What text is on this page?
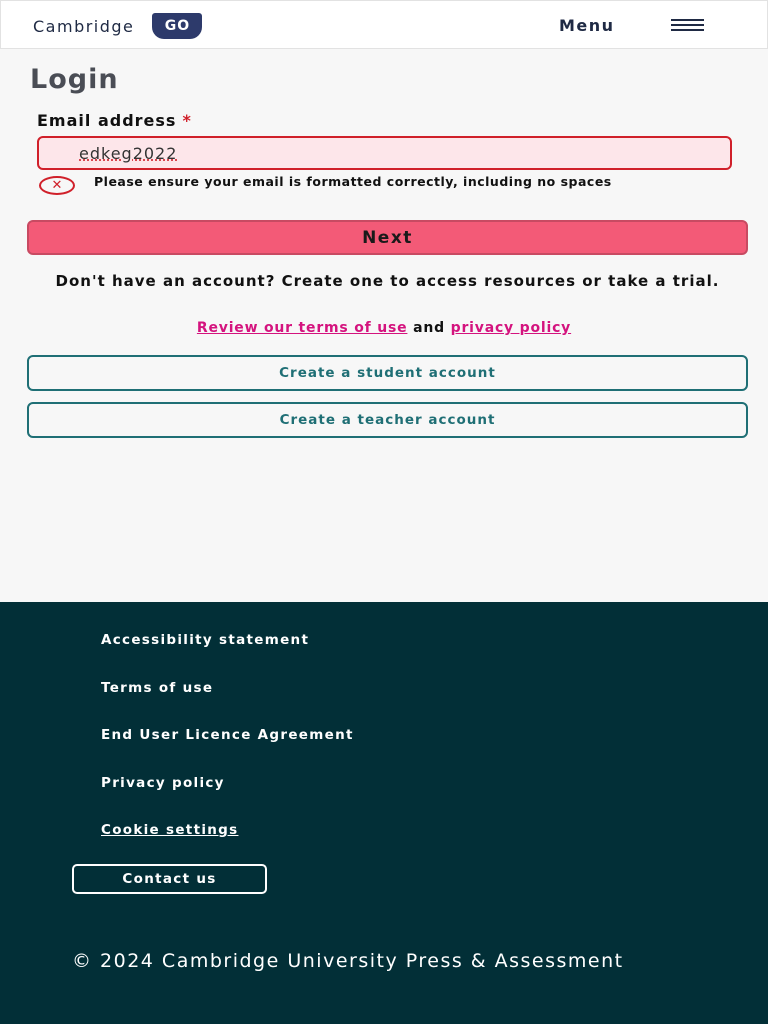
Cambridge	GO	Menu
Login
Email address *
edkeg2022
✕	Please ensure your email is formatted correctly, including no spaces
Next

Don't have an account? Create one to access resources or take a trial.

Review our terms of use and privacy policy

Create a student account
Create a teacher account
Accessibility statement
Terms of use
End User Licence Agreement
Privacy policy
Cookie settings
Contact us

© 2024 Cambridge University Press & Assessment
